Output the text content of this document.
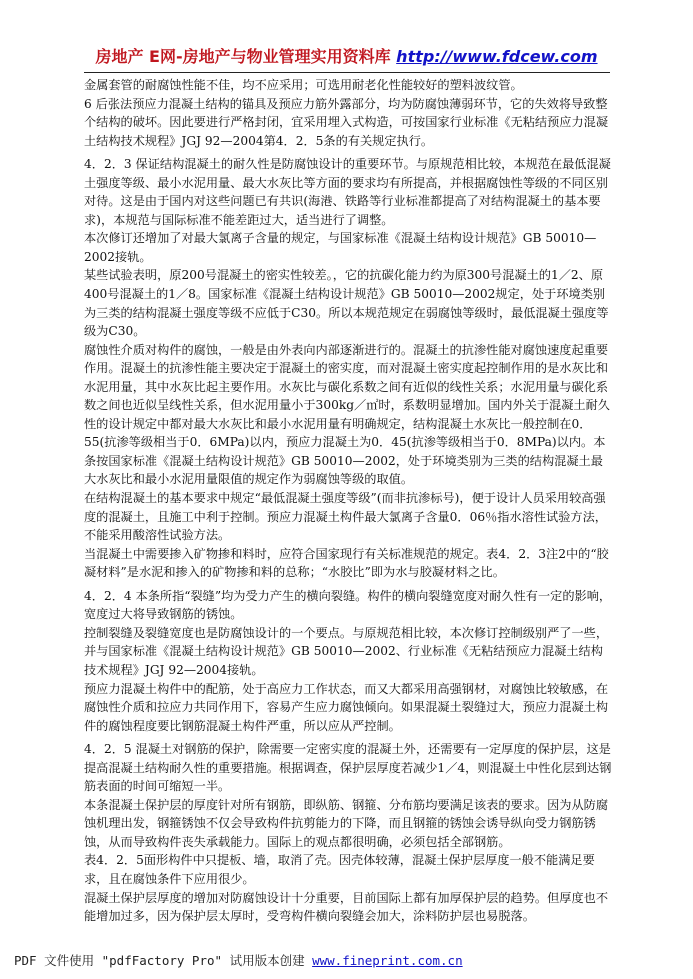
房地产 E网-房地产与物业管理实用资料库 http://www.fdcew.com

金属套管的耐腐蚀性能不佳，均不应采用；可选用耐老化性能较好的塑料波纹管。

6 后张法预应力混凝土结构的锚具及预应力筋外露部分，均为防腐蚀薄弱环节，它的失效将导致整个结构的破坏。因此要进行严格封闭，宜采用埋入式构造，可按国家行业标准《无粘结预应力混凝土结构技术规程》JGJ 92—2004第4．2．5条的有关规定执行。

4．2．3 保证结构混凝土的耐久性是防腐蚀设计的重要环节。与原规范相比较，本规范在最低混凝土强度等级、最小水泥用量、最大水灰比等方面的要求均有所提高，并根据腐蚀性等级的不同区别对待。这是由于国内对这些问题已有共识(海港、铁路等行业标准都提高了对结构混凝土的基本要求)，本规范与国际标准不能差距过大，适当进行了调整。

本次修订还增加了对最大氯离子含量的规定，与国家标准《混凝土结构设计规范》GB 50010—2002接轨。

某些试验表明，原200号混凝土的密实性较差。，它的抗碳化能力约为原300号混凝土的1／2、原400号混凝土的1／8。国家标准《混凝土结构设计规范》GB 50010—2002规定，处于环境类别为三类的结构混凝土强度等级不应低于C30。所以本规范规定在弱腐蚀等级时，最低混凝土强度等级为C30。

腐蚀性介质对构件的腐蚀，一般是由外表向内部逐渐进行的。混凝土的抗渗性能对腐蚀速度起重要作用。混凝土的抗渗性能主要决定于混凝土的密实度，而对混凝土密实度起控制作用的是水灰比和水泥用量，其中水灰比起主要作用。水灰比与碳化系数之间有近似的线性关系；水泥用量与碳化系数之间也近似呈线性关系，但水泥用量小于300kg／㎡时，系数明显增加。国内外关于混凝土耐久性的设计规定中都对最大水灰比和最小水泥用量有明确规定，结构混凝土水灰比一般控制在0．55(抗渗等级相当于0．6MPa)以内，预应力混凝土为0．45(抗渗等级相当于0．8MPa)以内。本条按国家标准《混凝土结构设计规范》GB 50010—2002，处于环境类别为三类的结构混凝土最大水灰比和最小水泥用量限值的规定作为弱腐蚀等级的取值。

在结构混凝土的基本要求中规定“最低混凝土强度等级”(而非抗渗标号)，便于设计人员采用较高强度的混凝土，且施工中利于控制。预应力混凝土构件最大氯离子含量0．06％指水溶性试验方法，不能采用酸溶性试验方法。

当混凝土中需要掺入矿物掺和料时，应符合国家现行有关标准规范的规定。表4．2．3注2中的“胶凝材料”是水泥和掺入的矿物掺和料的总称；“水胶比”即为水与胶凝材料之比。

4．2．4 本条所指“裂缝”均为受力产生的横向裂缝。构件的横向裂缝宽度对耐久性有一定的影响，宽度过大将导致钢筋的锈蚀。

控制裂缝及裂缝宽度也是防腐蚀设计的一个要点。与原规范相比较，本次修订控制级别严了一些，并与国家标准《混凝土结构设计规范》GB 50010—2002、行业标准《无粘结预应力混凝土结构技术规程》JGJ 92—2004接轨。

预应力混凝土构件中的配筋，处于高应力工作状态，而又大都采用高强钢材，对腐蚀比较敏感，在腐蚀性介质和拉应力共同作用下，容易产生应力腐蚀倾向。如果混凝土裂缝过大，预应力混凝土构件的腐蚀程度要比钢筋混凝土构件严重，所以应从严控制。

4．2．5 混凝土对钢筋的保护，除需要一定密实度的混凝土外，还需要有一定厚度的保护层，这是提高混凝土结构耐久性的重要措施。根据调查，保护层厚度若减少1／4，则混凝土中性化层到达钢筋表面的时间可缩短一半。

本条混凝土保护层的厚度针对所有钢筋，即纵筋、钢箍、分布筋均要满足该表的要求。因为从防腐蚀机理出发，钢箍锈蚀不仅会导致构件抗剪能力的下降，而且钢箍的锈蚀会诱导纵向受力钢筋锈蚀，从而导致构件丧失承载能力。国际上的观点都很明确，必须包括全部钢筋。

表4．2．5面形构件中只提板、墙，取消了壳。因壳体较薄，混凝土保护层厚度一般不能满足要求，且在腐蚀条件下应用很少。

混凝土保护层厚度的增加对防腐蚀设计十分重要，目前国际上都有加厚保护层的趋势。但厚度也不能增加过多，因为保护层太厚时，受弯构件横向裂缝会加大，涂料防护层也易脱落。

PDF 文件使用 "pdfFactory Pro" 试用版本创建 www.fineprint.com.cn
